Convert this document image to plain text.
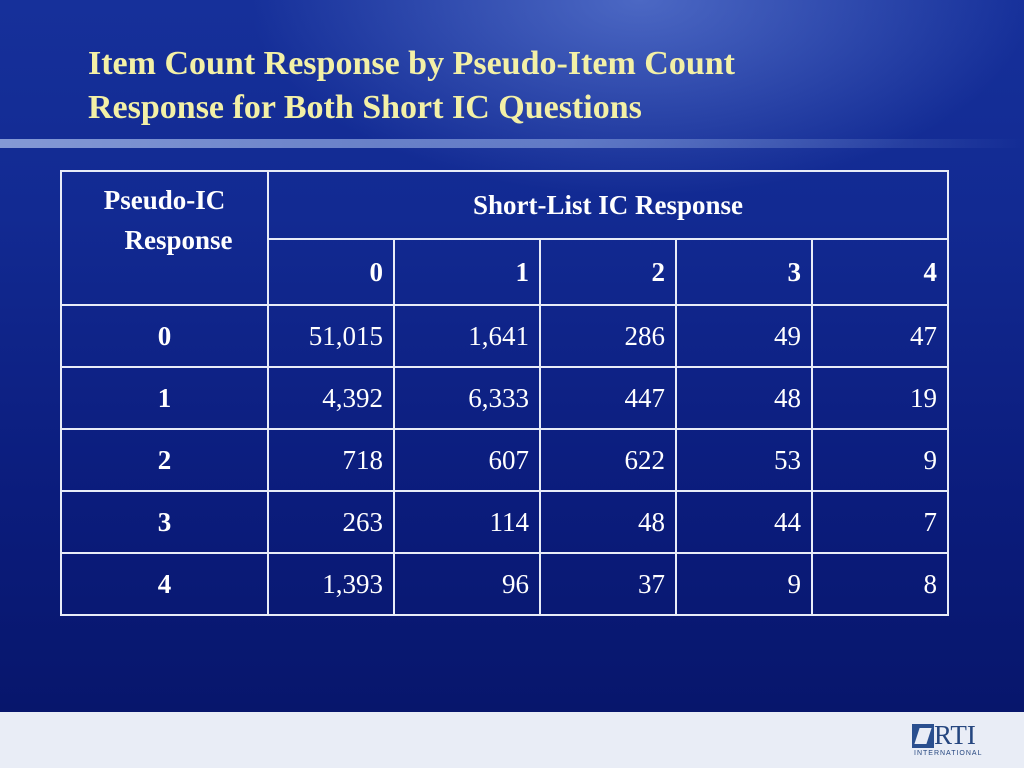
Item Count Response by Pseudo-Item Count
Response for Both Short IC Questions
Pseudo-IC
Response	Short-List IC Response				
	0	1	2	3	4
0	51,015	1,641	286	49	47
1	4,392	6,333	447	48	19
2	718	607	622	53	9
3	263	114	48	44	7
4	1,393	96	37	9	8
RTI
INTERNATIONAL
